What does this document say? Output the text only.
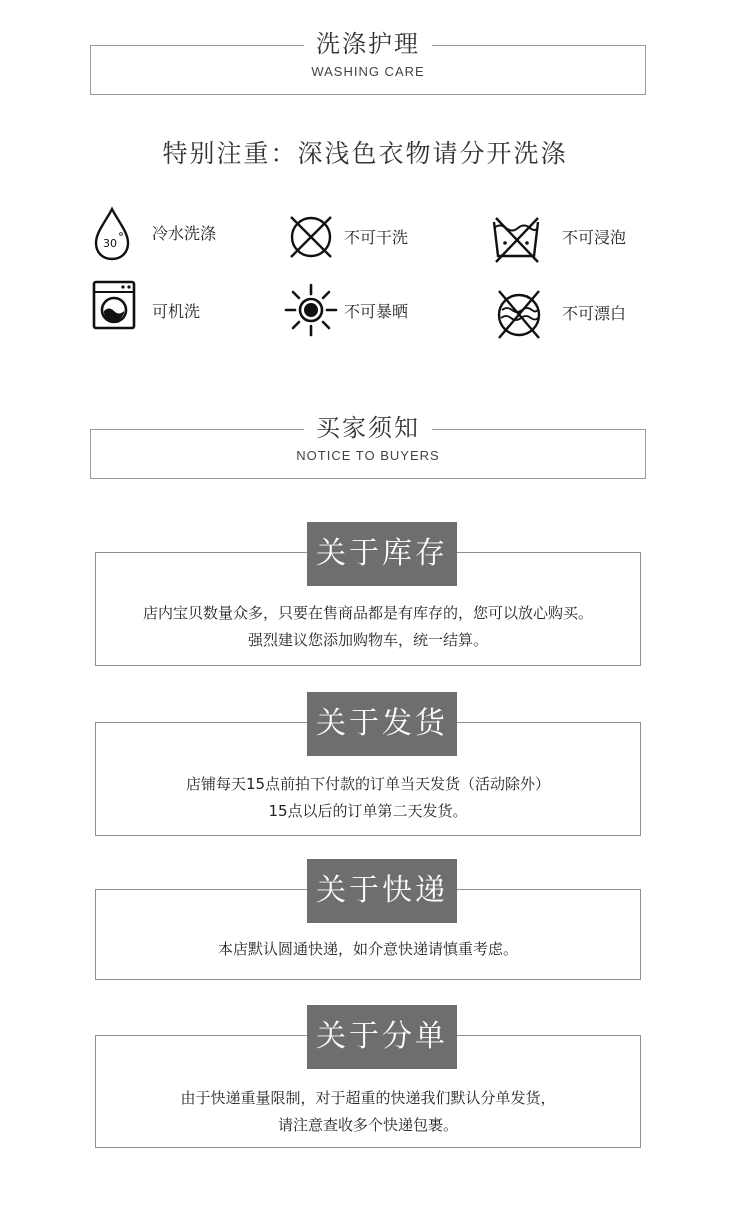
洗涤护理
WASHING CARE
特别注重：深浅色衣物请分开洗涤
30
冷水洗涤	不可干洗	不可浸泡
可机洗	不可暴晒	不可漂白
买家须知
NOTICE TO BUYERS
店内宝贝数量众多，只要在售商品都是有库存的，您可以放心购买。
强烈建议您添加购物车，统一结算。
关于库存
店铺每天15点前拍下付款的订单当天发货（活动除外）
15点以后的订单第二天发货。
关于发货
本店默认圆通快递，如介意快递请慎重考虑。
关于快递
由于快递重量限制，对于超重的快递我们默认分单发货，
请注意查收多个快递包裹。
关于分单
